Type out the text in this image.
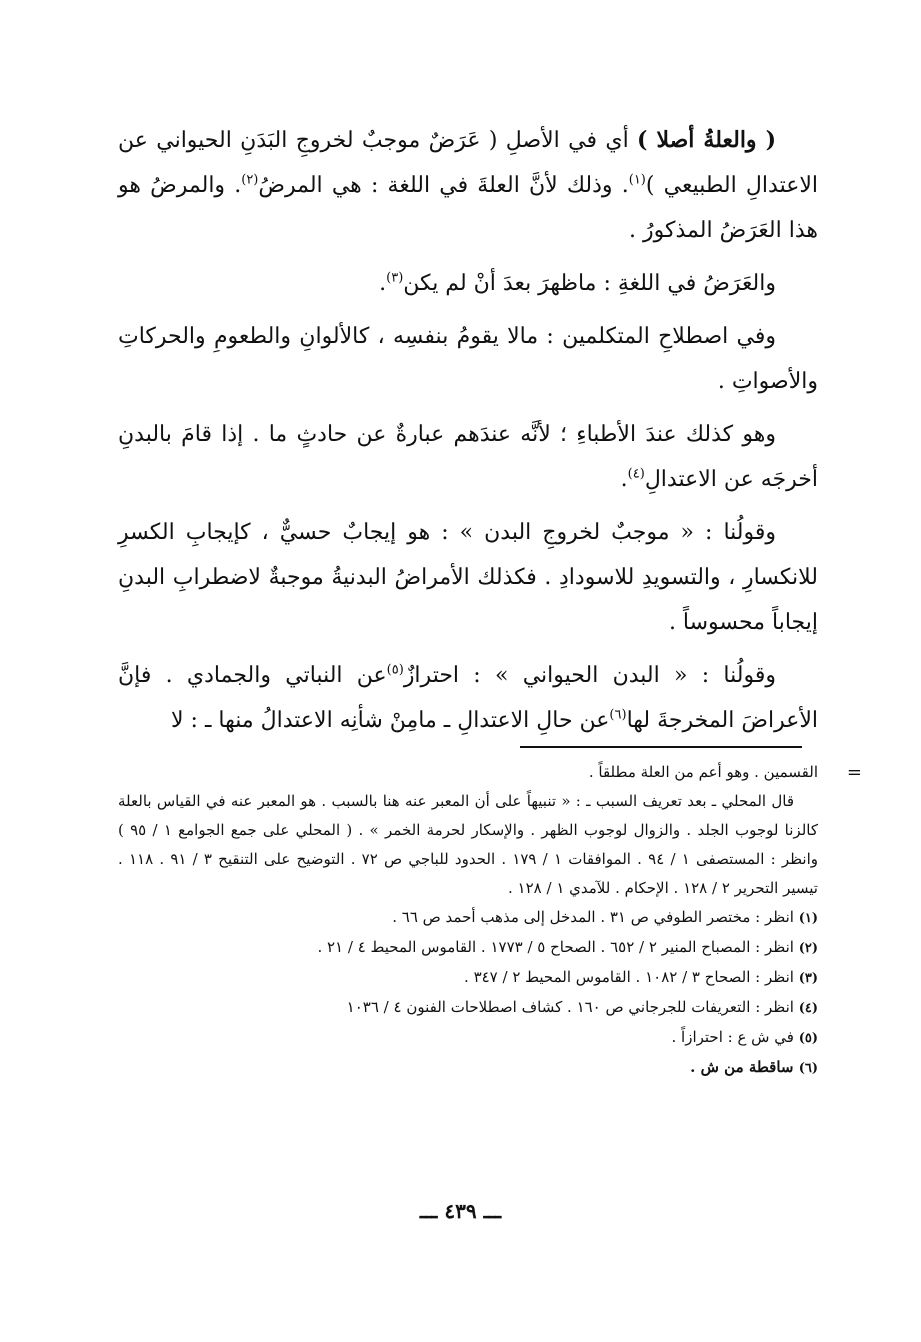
( والعلةُ أصلا ) أي في الأصلِ ( عَرَضٌ موجبٌ لخروجِ البَدَنِ الحيواني عن الاعتدالِ الطبيعي )$^{(١)}$. وذلك لأنَّ العلةَ في اللغة : هي المرضُ$^{(٢)}$. والمرضُ هو هذا العَرَضُ المذكورُ .

والعَرَضُ في اللغةِ : ماظهرَ بعدَ أنْ لم يكن$^{(٣)}$.

وفي اصطلاحِ المتكلمين : مالا يقومُ بنفسِه ، كالألوانِ والطعومِ والحركاتِ والأصواتِ .

وهو كذلك عندَ الأطباءِ ؛ لأنَّه عندَهم عبارةٌ عن حادثٍ ما . إذا قامَ بالبدنِ أخرجَه عن الاعتدالِ$^{(٤)}$.

وقولُنا : « موجبٌ لخروجِ البدن » : هو إيجابٌ حسيٌّ ، كإيجابِ الكسرِ للانكسارِ ، والتسويدِ للاسودادِ . فكذلك الأمراضُ البدنيةُ موجبةٌ لاضطرابِ البدنِ إيجاباً محسوساً .

وقولُنا : « البدن الحيواني » : احترازٌ$^{(٥)}$عن النباتي والجمادي . فإنَّ الأعراضَ المخرجةَ لها$^{(٦)}$عن حالِ الاعتدالِ ـ مامِنْ شأنِه الاعتدالُ منها ـ : لا

=
القسمين . وهو أعم من العلة مطلقاً .

قال المحلي ـ بعد تعريف السبب ـ : « تنبيهاً على أن المعبر عنه هنا بالسبب . هو المعبر عنه في القياس بالعلة كالزنا لوجوب الجلد . والزوال لوجوب الظهر . والإسكار لحرمة الخمر » . ( المحلي على جمع الجوامع ١ / ٩٥ ) وانظر : المستصفى ١ / ٩٤ . الموافقات ١ / ١٧٩ . الحدود للباجي ص ٧٢ . التوضيح على التنقيح ٣ / ٩١ . ١١٨ . تيسير التحرير ٢ / ١٢٨ . الإحكام . للآمدي ١ / ١٢٨ .

(١) انظر : مختصر الطوفي ص ٣١ . المدخل إلى مذهب أحمد ص ٦٦ .

(٢) انظر : المصباح المنير ٢ / ٦٥٢ . الصحاح ٥ / ١٧٧٣ . القاموس المحيط ٤ / ٢١ .

(٣) انظر : الصحاح ٣ / ١٠٨٢ . القاموس المحيط ٢ / ٣٤٧ .

(٤) انظر : التعريفات للجرجاني ص ١٦٠ . كشاف اصطلاحات الفنون ٤ / ١٠٣٦

(٥) في ش ع : احترازاً .

(٦) ساقطة من ش .

ـــ ٤٣٩ ـــ
